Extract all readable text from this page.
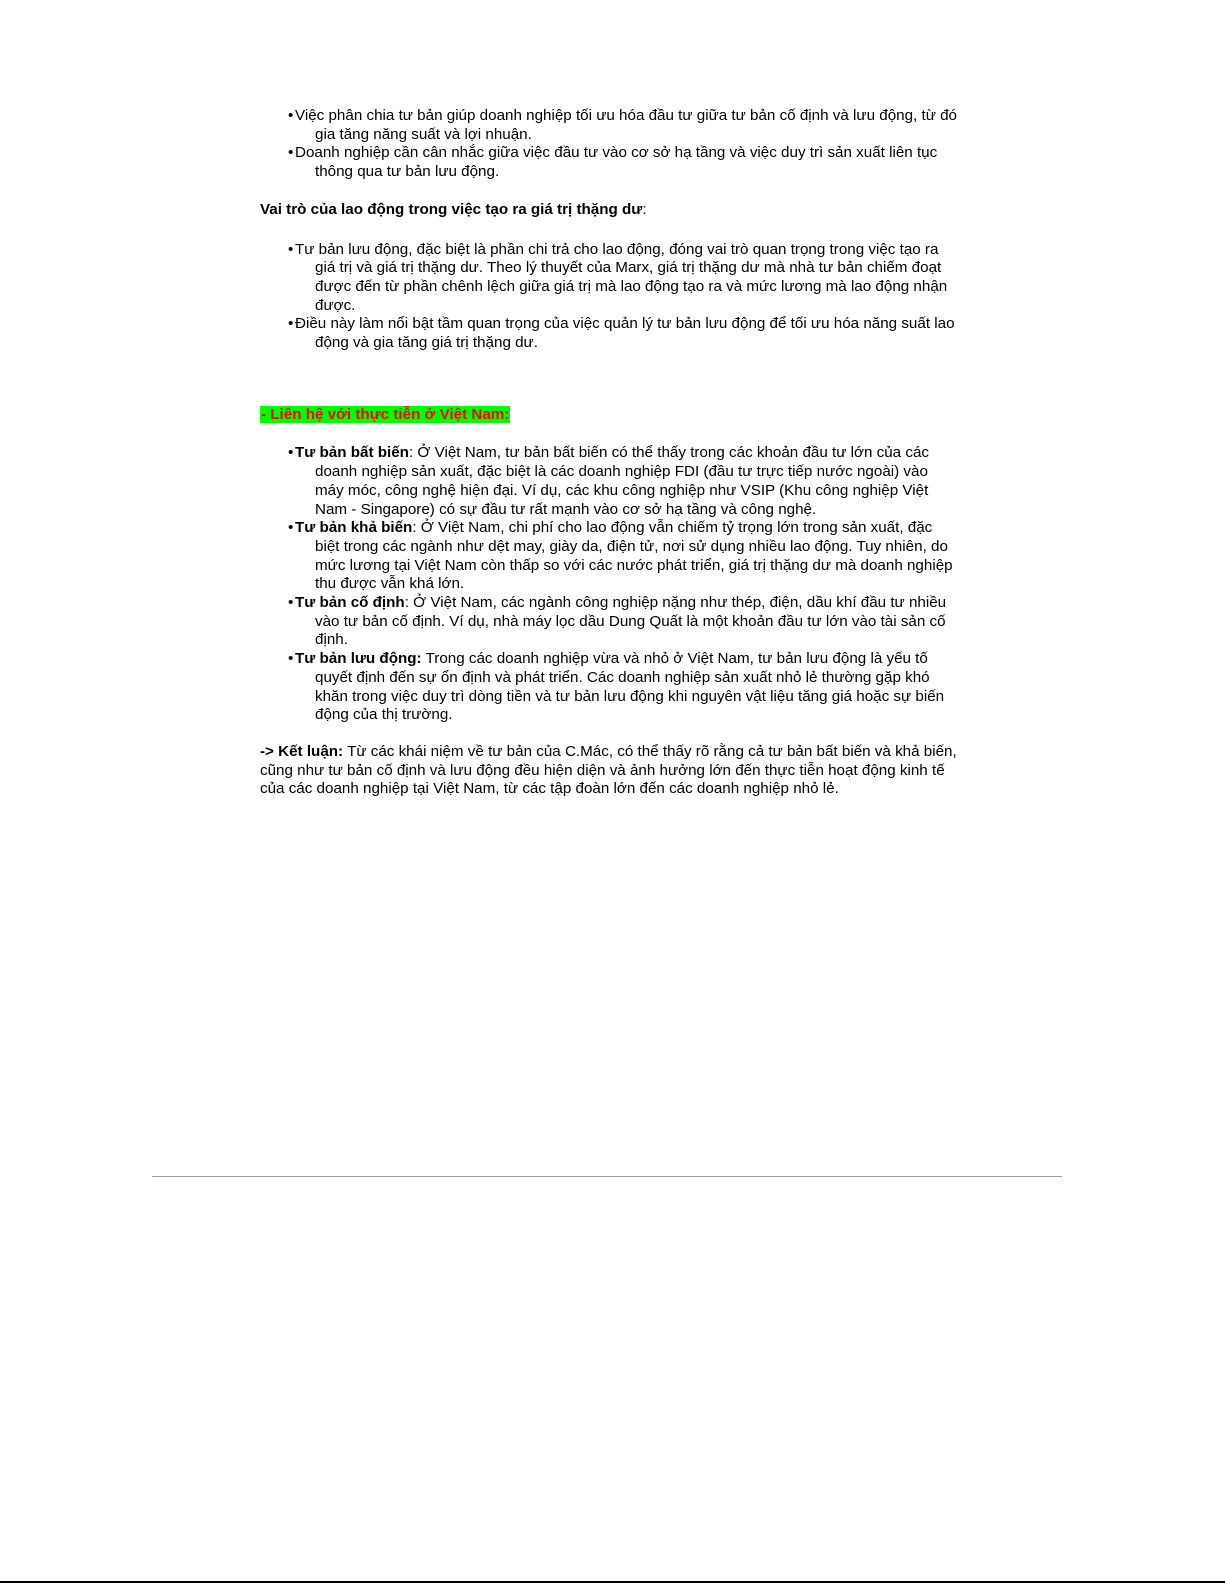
• Việc phân chia tư bản giúp doanh nghiệp tối ưu hóa đầu tư giữa tư bản cố định và lưu động, từ đó gia tăng năng suất và lợi nhuận.
• Doanh nghiệp cần cân nhắc giữa việc đầu tư vào cơ sở hạ tầng và việc duy trì sản xuất liên tục thông qua tư bản lưu động.

Vai trò của lao động trong việc tạo ra giá trị thặng dư:

• Tư bản lưu động, đặc biệt là phần chi trả cho lao động, đóng vai trò quan trọng trong việc tạo ra giá trị và giá trị thặng dư. Theo lý thuyết của Marx, giá trị thặng dư mà nhà tư bản chiếm đoạt được đến từ phần chênh lệch giữa giá trị mà lao động tạo ra và mức lương mà lao động nhận được.
• Điều này làm nổi bật tầm quan trọng của việc quản lý tư bản lưu động để tối ưu hóa năng suất lao động và gia tăng giá trị thặng dư.

- Liên hệ với thực tiễn ở Việt Nam:

• Tư bản bất biến: Ở Việt Nam, tư bản bất biến có thể thấy trong các khoản đầu tư lớn của các doanh nghiệp sản xuất, đặc biệt là các doanh nghiệp FDI (đầu tư trực tiếp nước ngoài) vào máy móc, công nghệ hiện đại. Ví dụ, các khu công nghiệp như VSIP (Khu công nghiệp Việt Nam - Singapore) có sự đầu tư rất mạnh vào cơ sở hạ tầng và công nghệ.
• Tư bản khả biến: Ở Việt Nam, chi phí cho lao động vẫn chiếm tỷ trọng lớn trong sản xuất, đặc biệt trong các ngành như dệt may, giày da, điện tử, nơi sử dụng nhiều lao động. Tuy nhiên, do mức lương tại Việt Nam còn thấp so với các nước phát triển, giá trị thặng dư mà doanh nghiệp thu được vẫn khá lớn.
• Tư bản cố định: Ở Việt Nam, các ngành công nghiệp nặng như thép, điện, dầu khí đầu tư nhiều vào tư bản cố định. Ví dụ, nhà máy lọc dầu Dung Quất là một khoản đầu tư lớn vào tài sản cố định.
• Tư bản lưu động: Trong các doanh nghiệp vừa và nhỏ ở Việt Nam, tư bản lưu động là yếu tố quyết định đến sự ổn định và phát triển. Các doanh nghiệp sản xuất nhỏ lẻ thường gặp khó khăn trong việc duy trì dòng tiền và tư bản lưu động khi nguyên vật liệu tăng giá hoặc sự biến động của thị trường.

-> Kết luận: Từ các khái niệm về tư bản của C.Mác, có thể thấy rõ rằng cả tư bản bất biến và khả biến, cũng như tư bản cố định và lưu động đều hiện diện và ảnh hưởng lớn đến thực tiễn hoạt động kinh tế của các doanh nghiệp tại Việt Nam, từ các tập đoàn lớn đến các doanh nghiệp nhỏ lẻ.
